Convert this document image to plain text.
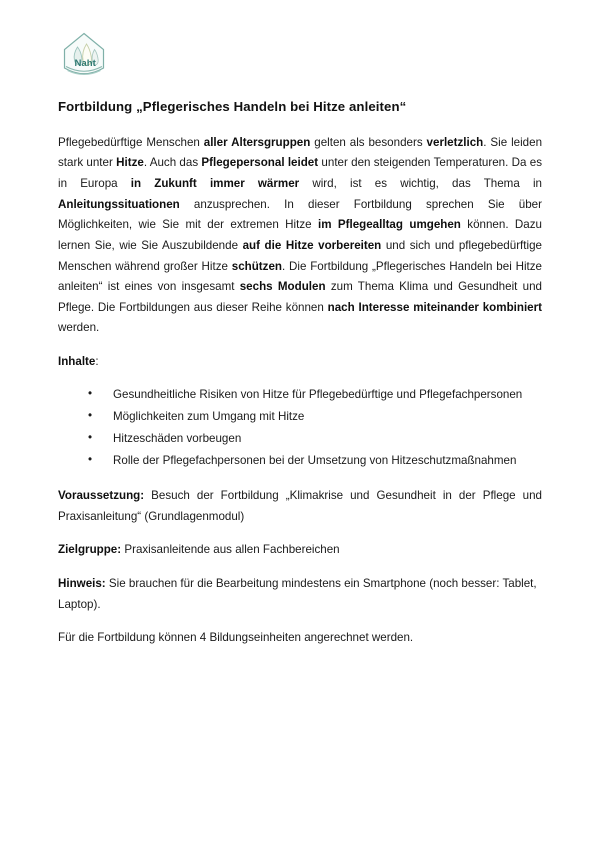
Naht
Fortbildung „Pflegerisches Handeln bei Hitze anleiten“

Pflegebedürftige Menschen aller Altersgruppen gelten als besonders verletzlich. Sie leiden stark unter Hitze. Auch das Pflegepersonal leidet unter den steigenden Temperaturen. Da es in Europa in Zukunft immer wärmer wird, ist es wichtig, das Thema in Anleitungssituationen anzusprechen. In dieser Fortbildung sprechen Sie über Möglichkeiten, wie Sie mit der extremen Hitze im Pflegealltag umgehen können. Dazu lernen Sie, wie Sie Auszubildende auf die Hitze vorbereiten und sich und pflegebedürftige Menschen während großer Hitze schützen. Die Fortbildung „Pflegerisches Handeln bei Hitze anleiten“ ist eines von insgesamt sechs Modulen zum Thema Klima und Gesundheit und Pflege. Die Fortbildungen aus dieser Reihe können nach Interesse miteinander kombiniert werden.

Inhalte:

• Gesundheitliche Risiken von Hitze für Pflegebedürftige und Pflegefachpersonen
• Möglichkeiten zum Umgang mit Hitze
• Hitzeschäden vorbeugen
• Rolle der Pflegefachpersonen bei der Umsetzung von Hitzeschutzmaßnahmen

Voraussetzung: Besuch der Fortbildung „Klimakrise und Gesundheit in der Pflege und Praxisanleitung“ (Grundlagenmodul)

Zielgruppe: Praxisanleitende aus allen Fachbereichen

Hinweis: Sie brauchen für die Bearbeitung mindestens ein Smartphone (noch besser: Tablet, Laptop).

Für die Fortbildung können 4 Bildungseinheiten angerechnet werden.
